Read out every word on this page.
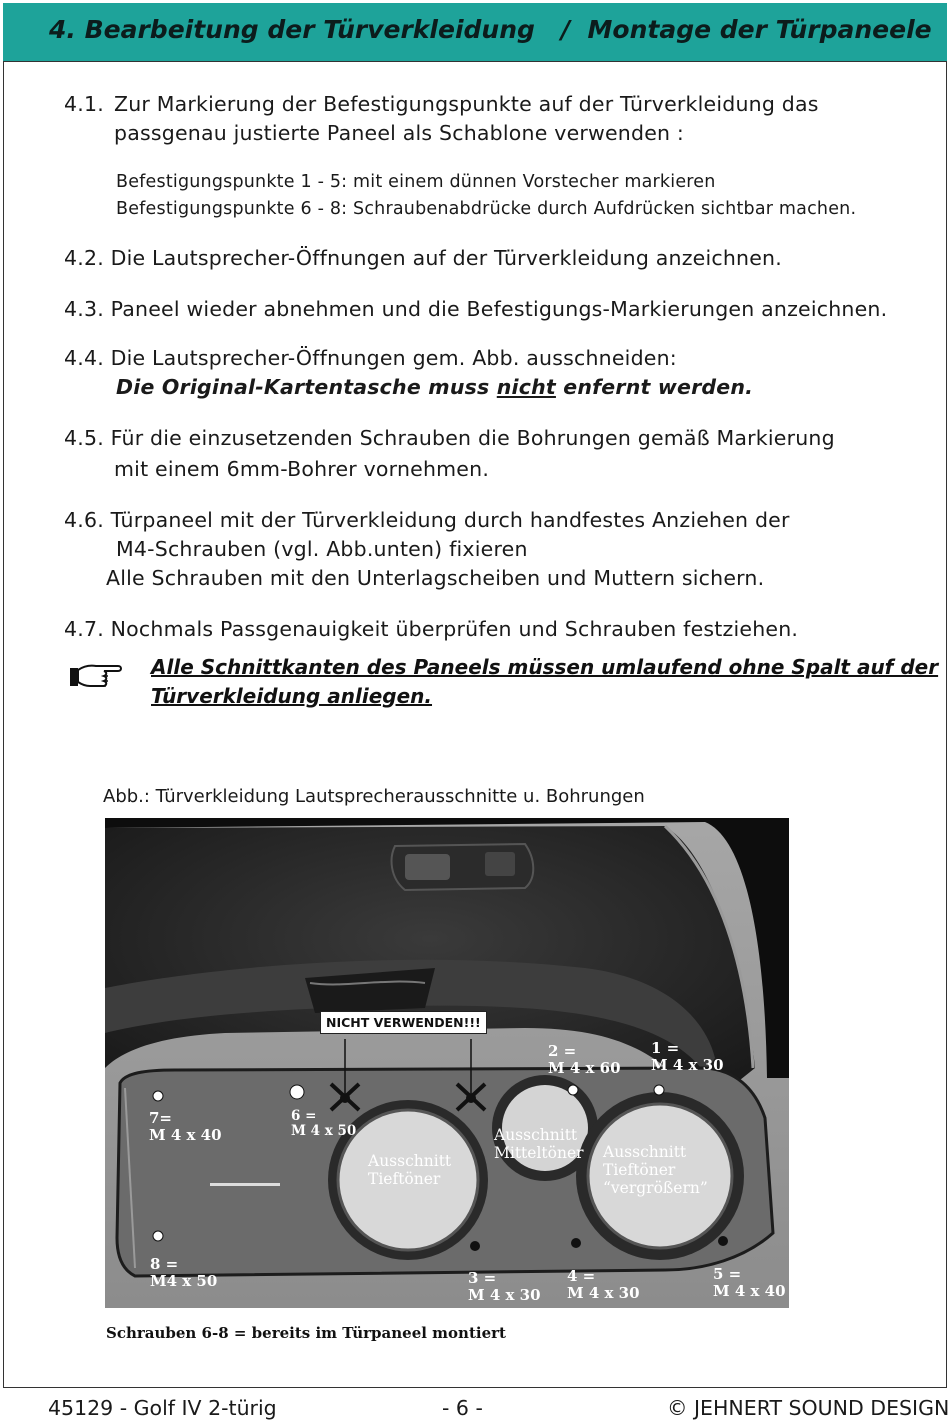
4. Bearbeitung der Türverkleidung   /  Montage der Türpaneele
4.1. Zur Markierung der Befestigungspunkte auf der Türverkleidung das
passgenau justierte Paneel als Schablone verwenden :
Befestigungspunkte 1 - 5: mit einem dünnen Vorstecher markieren
Befestigungspunkte 6 - 8: Schraubenabdrücke durch Aufdrücken sichtbar machen.
4.2. Die Lautsprecher-Öffnungen auf der Türverkleidung anzeichnen.
4.3. Paneel wieder abnehmen und die Befestigungs-Markierungen anzeichnen.
4.4. Die Lautsprecher-Öffnungen gem. Abb. ausschneiden:
Die Original-Kartentasche muss nicht enfernt werden.
4.5. Für die einzusetzenden Schrauben die Bohrungen gemäß Markierung
mit einem 6mm-Bohrer vornehmen.
4.6. Türpaneel mit der Türverkleidung durch handfestes Anziehen der
M4-Schrauben (vgl. Abb.unten) fixieren
Alle Schrauben mit den Unterlagscheiben und Muttern sichern.
4.7. Nochmals Passgenauigkeit überprüfen und Schrauben festziehen.
Alle Schnittkanten des Paneels müssen umlaufend ohne Spalt auf der
Türverkleidung anliegen.
Abb.: Türverkleidung Lautsprecherausschnitte u. Bohrungen
NICHT VERWENDEN!!!
1 =
M 4 x 30
2 =
M 4 x 60
3 =
M 4 x 30
4 =
M 4 x 30
5 =
M 4 x 40
6 =
M 4 x 50
7=
M 4 x 40
8 =
M4 x 50
Ausschnitt
Tieftöner
Ausschnitt
Mitteltöner Ausschnitt
Tieftöner
“vergrößern”
Schrauben 6-8 = bereits im Türpaneel montiert
45129 - Golf IV 2-türig	- 6 -	© JEHNERT SOUND DESIGN
